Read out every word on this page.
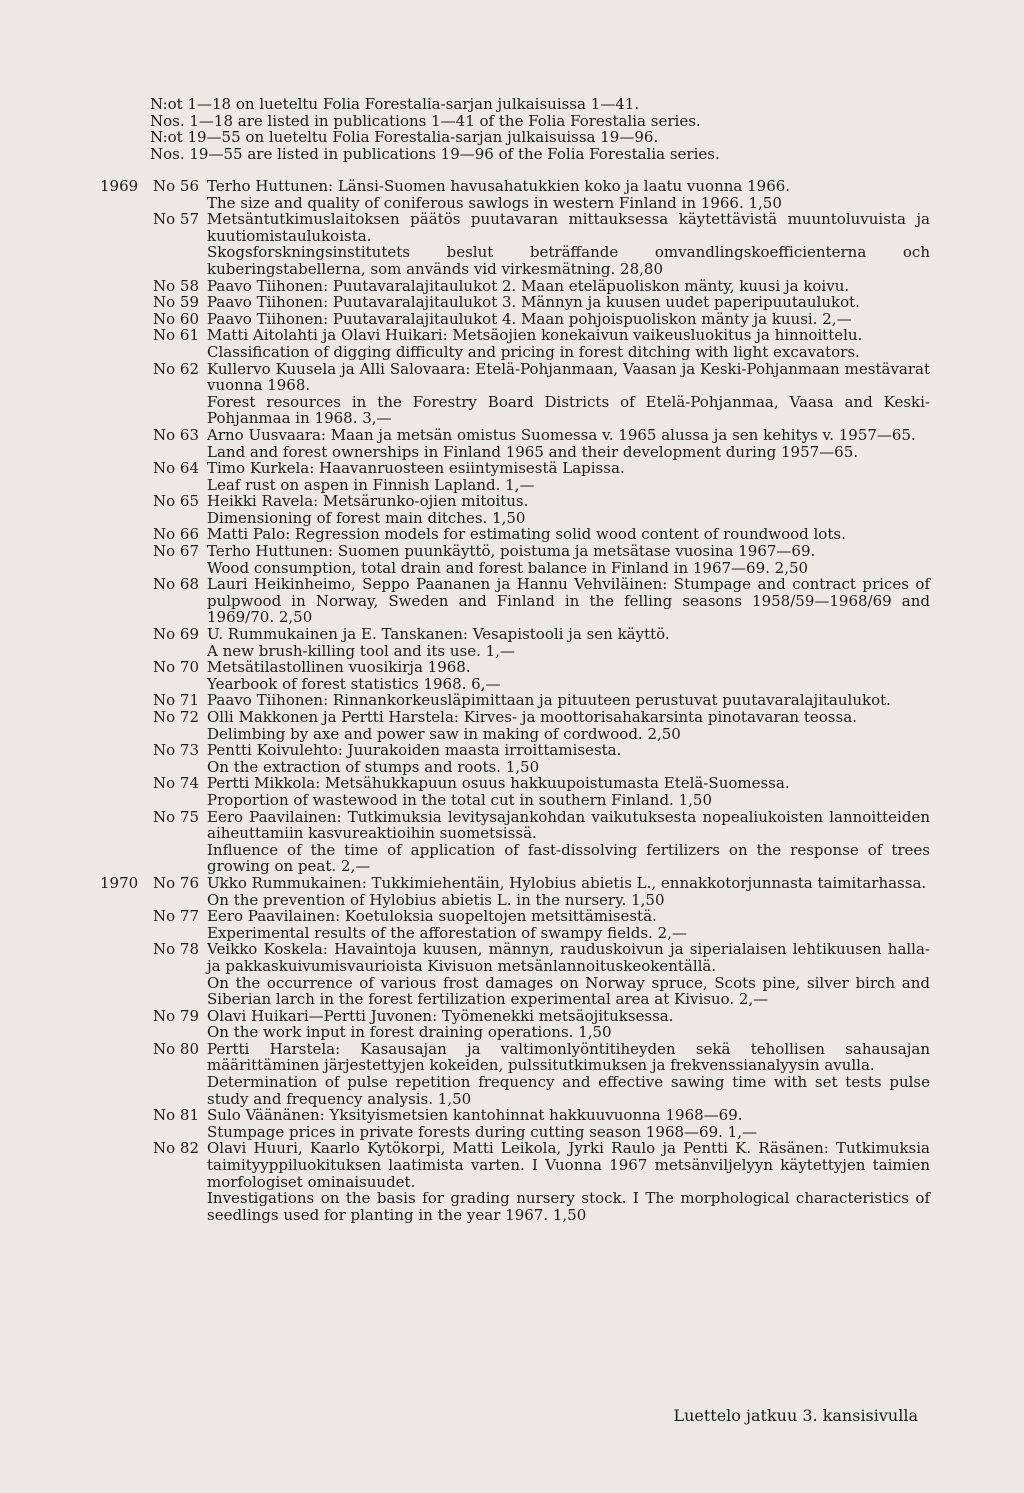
N:ot 1—18 on lueteltu Folia Forestalia-sarjan julkaisuissa 1—41.
Nos. 1—18 are listed in publications 1—41 of the Folia Forestalia series.
N:ot 19—55 on lueteltu Folia Forestalia-sarjan julkaisuissa 19—96.
Nos. 19—55 are listed in publications 19—96 of the Folia Forestalia series.
1969 No 56 Terho Huttunen: Länsi-Suomen havusahatukkien koko ja laatu vuonna 1966.
The size and quality of coniferous sawlogs in western Finland in 1966. 1,50
No 57 Metsäntutkimuslaitoksen päätös puutavaran mittauksessa käytettävistä muuntoluvuista ja kuutiomistaulukoista.
Skogsforskningsinstitutets beslut beträffande omvandlingskoefficienterna och kuberingstabellerna, som används vid virkesmätning. 28,80
No 58 Paavo Tiihonen: Puutavaralajitaulukot 2. Maan eteläpuoliskon mänty, kuusi ja koivu.
No 59 Paavo Tiihonen: Puutavaralajitaulukot 3. Männyn ja kuusen uudet paperipuutaulukot.
No 60 Paavo Tiihonen: Puutavaralajitaulukot 4. Maan pohjoispuoliskon mänty ja kuusi. 2,—
No 61 Matti Aitolahti ja Olavi Huikari: Metsäojien konekaivun vaikeusluokitus ja hinnoittelu.
Classification of digging difficulty and pricing in forest ditching with light excavators.
No 62 Kullervo Kuusela ja Alli Salovaara: Etelä-Pohjanmaan, Vaasan ja Keski-Pohjanmaan mestävarat vuonna 1968.
Forest resources in the Forestry Board Districts of Etelä-Pohjanmaa, Vaasa and Keski-Pohjanmaa in 1968. 3,—
No 63 Arno Uusvaara: Maan ja metsän omistus Suomessa v. 1965 alussa ja sen kehitys v. 1957—65.
Land and forest ownerships in Finland 1965 and their development during 1957—65.
No 64 Timo Kurkela: Haavanruosteen esiintymisestä Lapissa.
Leaf rust on aspen in Finnish Lapland. 1,—
No 65 Heikki Ravela: Metsärunko-ojien mitoitus.
Dimensioning of forest main ditches. 1,50
No 66 Matti Palo: Regression models for estimating solid wood content of roundwood lots.
No 67 Terho Huttunen: Suomen puunkäyttö, poistuma ja metsätase vuosina 1967—69.
Wood consumption, total drain and forest balance in Finland in 1967—69. 2,50
No 68 Lauri Heikinheimo, Seppo Paananen ja Hannu Vehviläinen: Stumpage and contract prices of pulpwood in Norway, Sweden and Finland in the felling seasons 1958/59—1968/69 and 1969/70. 2,50
No 69 U. Rummukainen ja E. Tanskanen: Vesapistooli ja sen käyttö.
A new brush-killing tool and its use. 1,—
No 70 Metsätilastollinen vuosikirja 1968.
Yearbook of forest statistics 1968. 6,—
No 71 Paavo Tiihonen: Rinnankorkeusläpimittaan ja pituuteen perustuvat puutavaralajitaulukot.
No 72 Olli Makkonen ja Pertti Harstela: Kirves- ja moottorisahakarsinta pinotavaran teossa.
Delimbing by axe and power saw in making of cordwood. 2,50
No 73 Pentti Koivulehto: Juurakoiden maasta irroittamisesta.
On the extraction of stumps and roots. 1,50
No 74 Pertti Mikkola: Metsähukkapuun osuus hakkuupoistumasta Etelä-Suomessa.
Proportion of wastewood in the total cut in southern Finland. 1,50
No 75 Eero Paavilainen: Tutkimuksia levitysajankohdan vaikutuksesta nopealiukoisten lannoitteiden aiheuttamiin kasvureaktioihin suometsissä.
Influence of the time of application of fast-dissolving fertilizers on the response of trees growing on peat. 2,—
1970 No 76 Ukko Rummukainen: Tukkimiehentäin, Hylobius abietis L., ennakkotorjunnasta taimitarhassa.
On the prevention of Hylobius abietis L. in the nursery. 1,50
No 77 Eero Paavilainen: Koetuloksia suopeltojen metsittämisestä.
Experimental results of the afforestation of swampy fields. 2,—
No 78 Veikko Koskela: Havaintoja kuusen, männyn, rauduskoivun ja siperialaisen lehtikuusen halla- ja pakkaskuivumisvaurioista Kivisuon metsänlannoituskeokentällä.
On the occurrence of various frost damages on Norway spruce, Scots pine, silver birch and Siberian larch in the forest fertilization experimental area at Kivisuo. 2,—
No 79 Olavi Huikari—Pertti Juvonen: Työmenekki metsäojituksessa.
On the work input in forest draining operations. 1,50
No 80 Pertti Harstela: Kasausajan ja valtimonlyöntitiheyden sekä tehollisen sahausajan määrittäminen järjestettyjen kokeiden, pulssitutkimuksen ja frekvenssianalyysin avulla.
Determination of pulse repetition frequency and effective sawing time with set tests pulse study and frequency analysis. 1,50
No 81 Sulo Väänänen: Yksityismetsien kantohinnat hakkuuvuonna 1968—69.
Stumpage prices in private forests during cutting season 1968—69. 1,—
No 82 Olavi Huuri, Kaarlo Kytökorpi, Matti Leikola, Jyrki Raulo ja Pentti K. Räsänen: Tutkimuksia taimityyppiluokituksen laatimista varten. I Vuonna 1967 metsänviljelyyn käytettyjen taimien morfologiset ominaisuudet.
Investigations on the basis for grading nursery stock. I The morphological characteristics of seedlings used for planting in the year 1967. 1,50
Luettelo jatkuu 3. kansisivulla
